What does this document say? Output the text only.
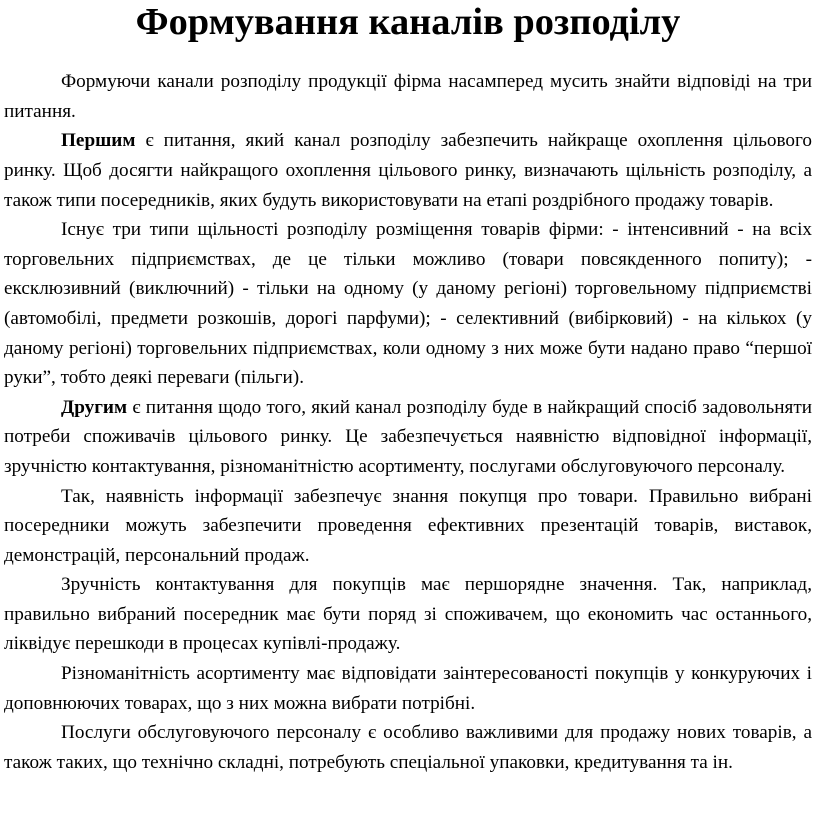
Формування каналів розподілу

Формуючи канали розподілу продукції фірма насамперед мусить знайти відповіді на три питання.

Першим є питання, який канал розподілу забезпечить найкраще охоплення цільового ринку. Щоб досягти найкращого охоплення цільового ринку, визначають щільність розподілу, а також типи посередників, яких будуть використовувати на етапі роздрібного продажу товарів.

Існує три типи щільності розподілу розміщення товарів фірми: - інтенсивний - на всіх торговельних підприємствах, де це тільки можливо (товари повсякденного попиту); - ексклюзивний (виключний) - тільки на одному (у даному регіоні) торговельному підприємстві (автомобілі, предмети розкошів, дорогі парфуми); - селективний (вибірковий) - на кількох (у даному регіоні) торговельних підприємствах, коли одному з них може бути надано право “першої руки”, тобто деякі переваги (пільги).

Другим є питання щодо того, який канал розподілу буде в найкращий спосіб задовольняти потреби споживачів цільового ринку. Це забезпечується наявністю відповідної інформації, зручністю контактування, різноманітністю асортименту, послугами обслуговуючого персоналу.

Так, наявність інформації забезпечує знання покупця про товари. Правильно вибрані посередники можуть забезпечити проведення ефективних презентацій товарів, виставок, демонстрацій, персональний продаж.

Зручність контактування для покупців має першорядне значення. Так, наприклад, правильно вибраний посередник має бути поряд зі споживачем, що економить час останнього, ліквідує перешкоди в процесах купівлі-продажу.

Різноманітність асортименту має відповідати заінтересованості покупців у конкуруючих і доповнюючих товарах, що з них можна вибрати потрібні.

Послуги обслуговуючого персоналу є особливо важливими для продажу нових товарів, а також таких, що технічно складні, потребують спеціальної упаковки, кредитування та ін.
